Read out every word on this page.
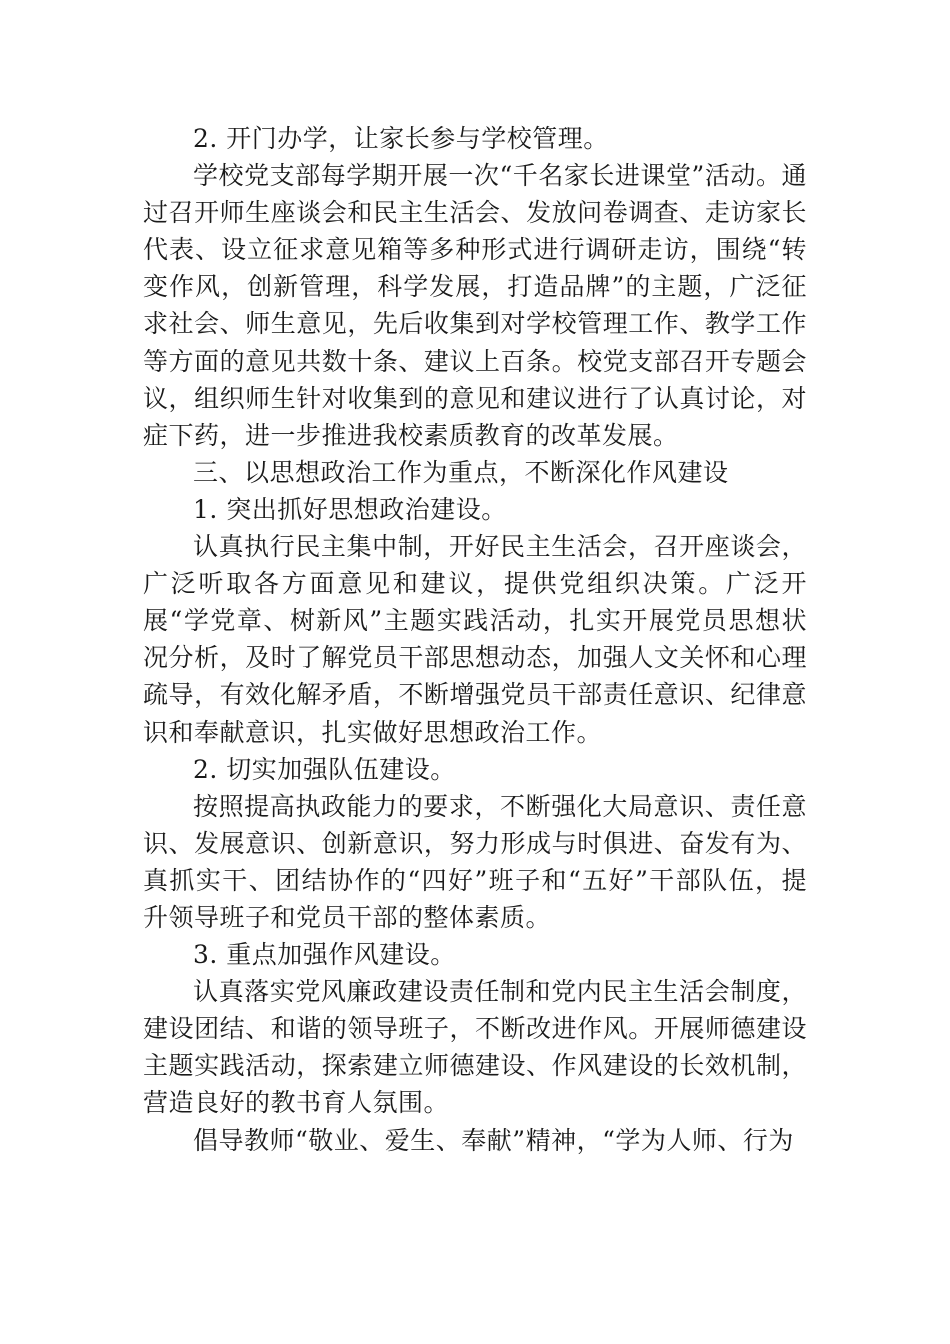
2. 开门办学，让家长参与学校管理。

学校党支部每学期开展一次“千名家长进课堂”活动。通过召开师生座谈会和民主生活会、发放问卷调查、走访家长代表、设立征求意见箱等多种形式进行调研走访，围绕“转变作风，创新管理，科学发展，打造品牌”的主题，广泛征求社会、师生意见，先后收集到对学校管理工作、教学工作等方面的意见共数十条、建议上百条。校党支部召开专题会议，组织师生针对收集到的意见和建议进行了认真讨论，对症下药，进一步推进我校素质教育的改革发展。

三、以思想政治工作为重点，不断深化作风建设

1. 突出抓好思想政治建设。

认真执行民主集中制，开好民主生活会，召开座谈会，广泛听取各方面意见和建议，提供党组织决策。广泛开展“学党章、树新风”主题实践活动，扎实开展党员思想状况分析，及时了解党员干部思想动态，加强人文关怀和心理疏导，有效化解矛盾，不断增强党员干部责任意识、纪律意识和奉献意识，扎实做好思想政治工作。

2. 切实加强队伍建设。

按照提高执政能力的要求，不断强化大局意识、责任意识、发展意识、创新意识，努力形成与时俱进、奋发有为、真抓实干、团结协作的“四好”班子和“五好”干部队伍，提升领导班子和党员干部的整体素质。

3. 重点加强作风建设。

认真落实党风廉政建设责任制和党内民主生活会制度，建设团结、和谐的领导班子，不断改进作风。开展师德建设主题实践活动，探索建立师德建设、作风建设的长效机制，营造良好的教书育人氛围。

倡导教师“敬业、爱生、奉献”精神，“学为人师、行为
